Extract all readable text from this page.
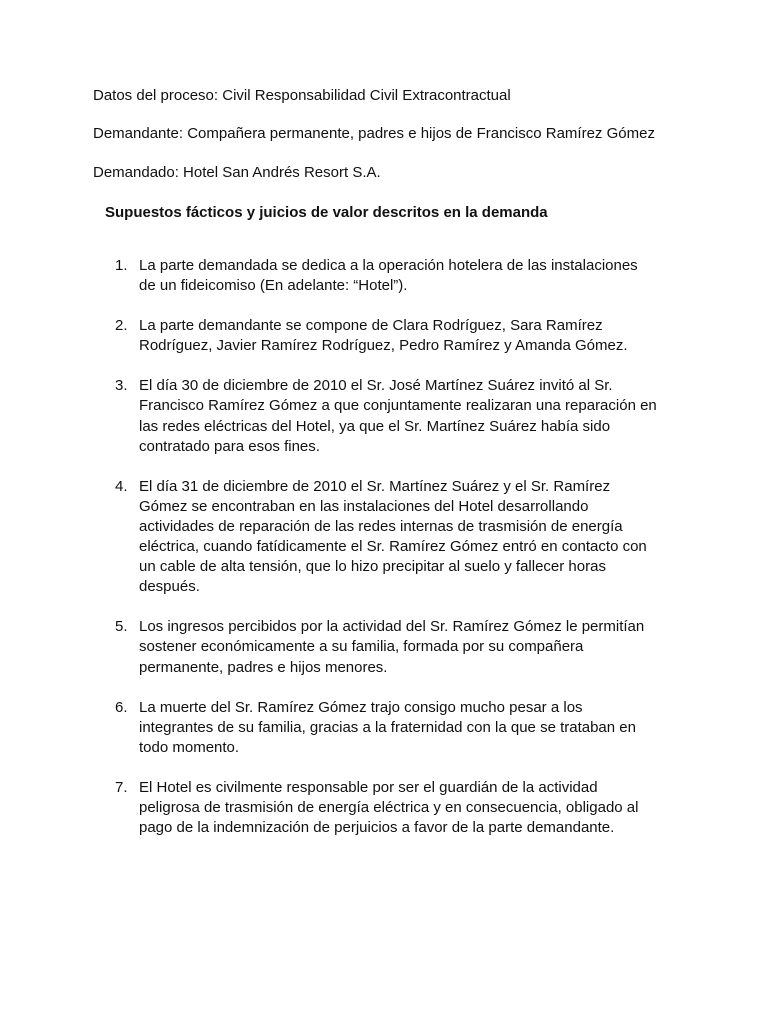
Datos del proceso: Civil Responsabilidad Civil Extracontractual

Demandante: Compañera permanente, padres e hijos de Francisco Ramírez Gómez

Demandado: Hotel San Andrés Resort S.A.

Supuestos fácticos y juicios de valor descritos en la demanda
1. La parte demandada se dedica a la operación hotelera de las instalaciones
de un fideicomiso (En adelante: “Hotel”).
2. La parte demandante se compone de Clara Rodríguez, Sara Ramírez
Rodríguez, Javier Ramírez Rodríguez, Pedro Ramírez y Amanda Gómez.
3. El día 30 de diciembre de 2010 el Sr. José Martínez Suárez invitó al Sr.
Francisco Ramírez Gómez a que conjuntamente realizaran una reparación en
las redes eléctricas del Hotel, ya que el Sr. Martínez Suárez había sido
contratado para esos fines.
4. El día 31 de diciembre de 2010 el Sr. Martínez Suárez y el Sr. Ramírez
Gómez se encontraban en las instalaciones del Hotel desarrollando
actividades de reparación de las redes internas de trasmisión de energía
eléctrica, cuando fatídicamente el Sr. Ramírez Gómez entró en contacto con
un cable de alta tensión, que lo hizo precipitar al suelo y fallecer horas
después.
5. Los ingresos percibidos por la actividad del Sr. Ramírez Gómez le permitían
sostener económicamente a su familia, formada por su compañera
permanente, padres e hijos menores.
6. La muerte del Sr. Ramírez Gómez trajo consigo mucho pesar a los
integrantes de su familia, gracias a la fraternidad con la que se trataban en
todo momento.
7. El Hotel es civilmente responsable por ser el guardián de la actividad
peligrosa de trasmisión de energía eléctrica y en consecuencia, obligado al
pago de la indemnización de perjuicios a favor de la parte demandante.
